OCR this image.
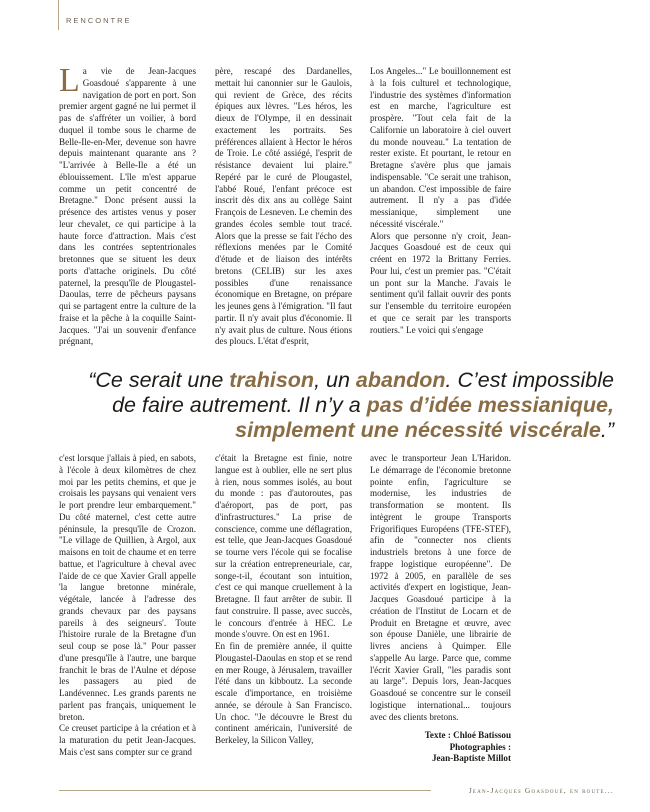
RENCONTRE

La vie de Jean-Jacques Goasdoué s'apparente à une navigation de port en port. Son premier argent gagné ne lui permet il pas de s'affréter un voilier, à bord duquel il tombe sous le charme de Belle-Ile-en-Mer, devenue son havre depuis maintenant quarante ans ? "L'arrivée à Belle-Ile a été un éblouissement. L'île m'est apparue comme un petit concentré de Bretagne." Donc présent aussi la présence des artistes venus y poser leur chevalet, ce qui participe à la haute force d'attraction. Mais c'est dans les contrées septentrionales bretonnes que se situent les deux ports d'attache originels. Du côté paternel, la presqu'île de Plougastel-Daoulas, terre de pêcheurs paysans qui se partagent entre la culture de la fraise et la pêche à la coquille Saint-Jacques. "J'ai un souvenir d'enfance prégnant,

père, rescapé des Dardanelles, mettait lui canonnier sur le Gaulois, qui revient de Grèce, des récits épiques aux lèvres. "Les héros, les dieux de l'Olympe, il en dessinait exactement les portraits. Ses préférences allaient à Hector le héros de Troie. Le côté assiégé, l'esprit de résistance devaient lui plaire." Repéré par le curé de Plougastel, l'abbé Roué, l'enfant précoce est inscrit dès dix ans au collège Saint François de Lesneven. Le chemin des grandes écoles semble tout tracé. Alors que la presse se fait l'écho des réflexions menées par le Comité d'étude et de liaison des intérêts bretons (CELIB) sur les axes possibles d'une renaissance économique en Bretagne, on prépare les jeunes gens à l'émigration. "Il faut partir. Il n'y avait plus d'économie. Il n'y avait plus de culture. Nous étions des ploucs. L'état d'esprit,

Los Angeles..." Le bouillonnement est à la fois culturel et technologique, l'industrie des systèmes d'information est en marche, l'agriculture est prospère. "Tout cela fait de la Californie un laboratoire à ciel ouvert du monde nouveau." La tentation de rester existe. Et pourtant, le retour en Bretagne s'avère plus que jamais indispensable. "Ce serait une trahison, un abandon. C'est impossible de faire autrement. Il n'y a pas d'idée messianique, simplement une nécessité viscérale."

Alors que personne n'y croit, Jean-Jacques Goasdoué est de ceux qui créent en 1972 la Brittany Ferries. Pour lui, c'est un premier pas. "C'était un pont sur la Manche. J'avais le sentiment qu'il fallait ouvrir des ponts sur l'ensemble du territoire européen et que ce serait par les transports routiers." Le voici qui s'engage

“Ce serait une trahison, un abandon. C’est impossible
de faire autrement. Il n’y a pas d’idée messianique,
simplement une nécessité viscérale.”

c'est lorsque j'allais à pied, en sabots, à l'école à deux kilomètres de chez moi par les petits chemins, et que je croisais les paysans qui venaient vers le port prendre leur embarquement." Du côté maternel, c'est cette autre péninsule, la presqu'île de Crozon. "Le village de Quillien, à Argol, aux maisons en toit de chaume et en terre battue, et l'agriculture à cheval avec l'aide de ce que Xavier Grall appelle 'la langue bretonne minérale, végétale, lancée à l'adresse des grands chevaux par des paysans pareils à des seigneurs'. Toute l'histoire rurale de la Bretagne d'un seul coup se pose là." Pour passer d'une presqu'île à l'autre, une barque franchit le bras de l'Aulne et dépose les passagers au pied de Landévennec. Les grands parents ne parlent pas français, uniquement le breton.

Ce creuset participe à la création et à la maturation du petit Jean-Jacques. Mais c'est sans compter sur ce grand

c'était la Bretagne est finie, notre langue est à oublier, elle ne sert plus à rien, nous sommes isolés, au bout du monde : pas d'autoroutes, pas d'aéroport, pas de port, pas d'infrastructures." La prise de conscience, comme une déflagration, est telle, que Jean-Jacques Goasdoué se tourne vers l'école qui se focalise sur la création entrepreneuriale, car, songe-t-il, écoutant son intuition, c'est ce qui manque cruellement à la Bretagne. Il faut arrêter de subir. Il faut construire. Il passe, avec succès, le concours d'entrée à HEC. Le monde s'ouvre. On est en 1961.

En fin de première année, il quitte Plougastel-Daoulas en stop et se rend en mer Rouge, à Jérusalem, travailler l'été dans un kibboutz. La seconde escale d'importance, en troisième année, se déroule à San Francisco. Un choc. "Je découvre le Brest du continent américain, l'université de Berkeley, la Silicon Valley,

avec le transporteur Jean L'Haridon. Le démarrage de l'économie bretonne pointe enfin, l'agriculture se modernise, les industries de transformation se montent. Ils intègrent le groupe Transports Frigorifiques Européens (TFE-STEF), afin de "connecter nos clients industriels bretons à une force de frappe logistique européenne". De 1972 à 2005, en parallèle de ses activités d'expert en logistique, Jean-Jacques Goasdoué participe à la création de l'Institut de Locarn et de Produit en Bretagne et œuvre, avec son épouse Danièle, une librairie de livres anciens à Quimper. Elle s'appelle Au large. Parce que, comme l'écrit Xavier Grall, "les paradis sont au large". Depuis lors, Jean-Jacques Goasdoué se concentre sur le conseil logistique international... toujours avec des clients bretons.

Texte : Chloé Batissou
Photographies :
Jean-Baptiste Millot
Jean-Jacques Goasdoué, en route...
